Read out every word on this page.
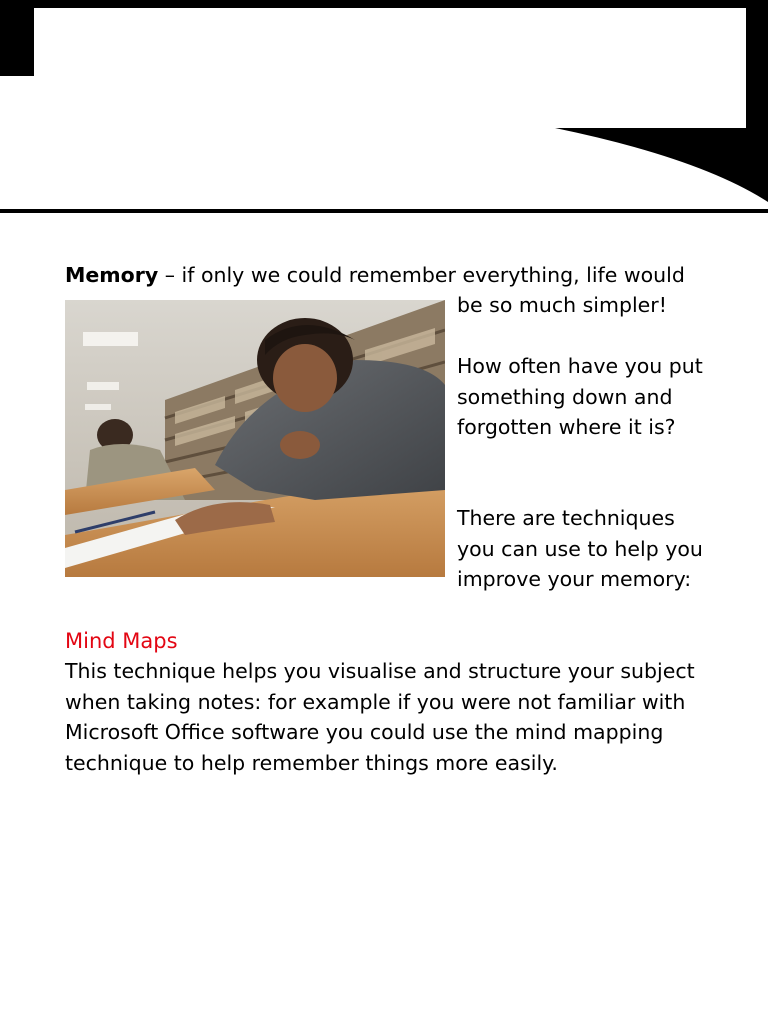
Memory – if only we could remember everything, life would

be so much simpler!

How often have you put
something down and
forgotten where it is?

There are techniques
you can use to help you
improve your memory:

Mind Maps

This technique helps you visualise and structure your subject when taking notes: for example if you were not familiar with Microsoft Office software you could use the mind mapping technique to help remember things more easily.
